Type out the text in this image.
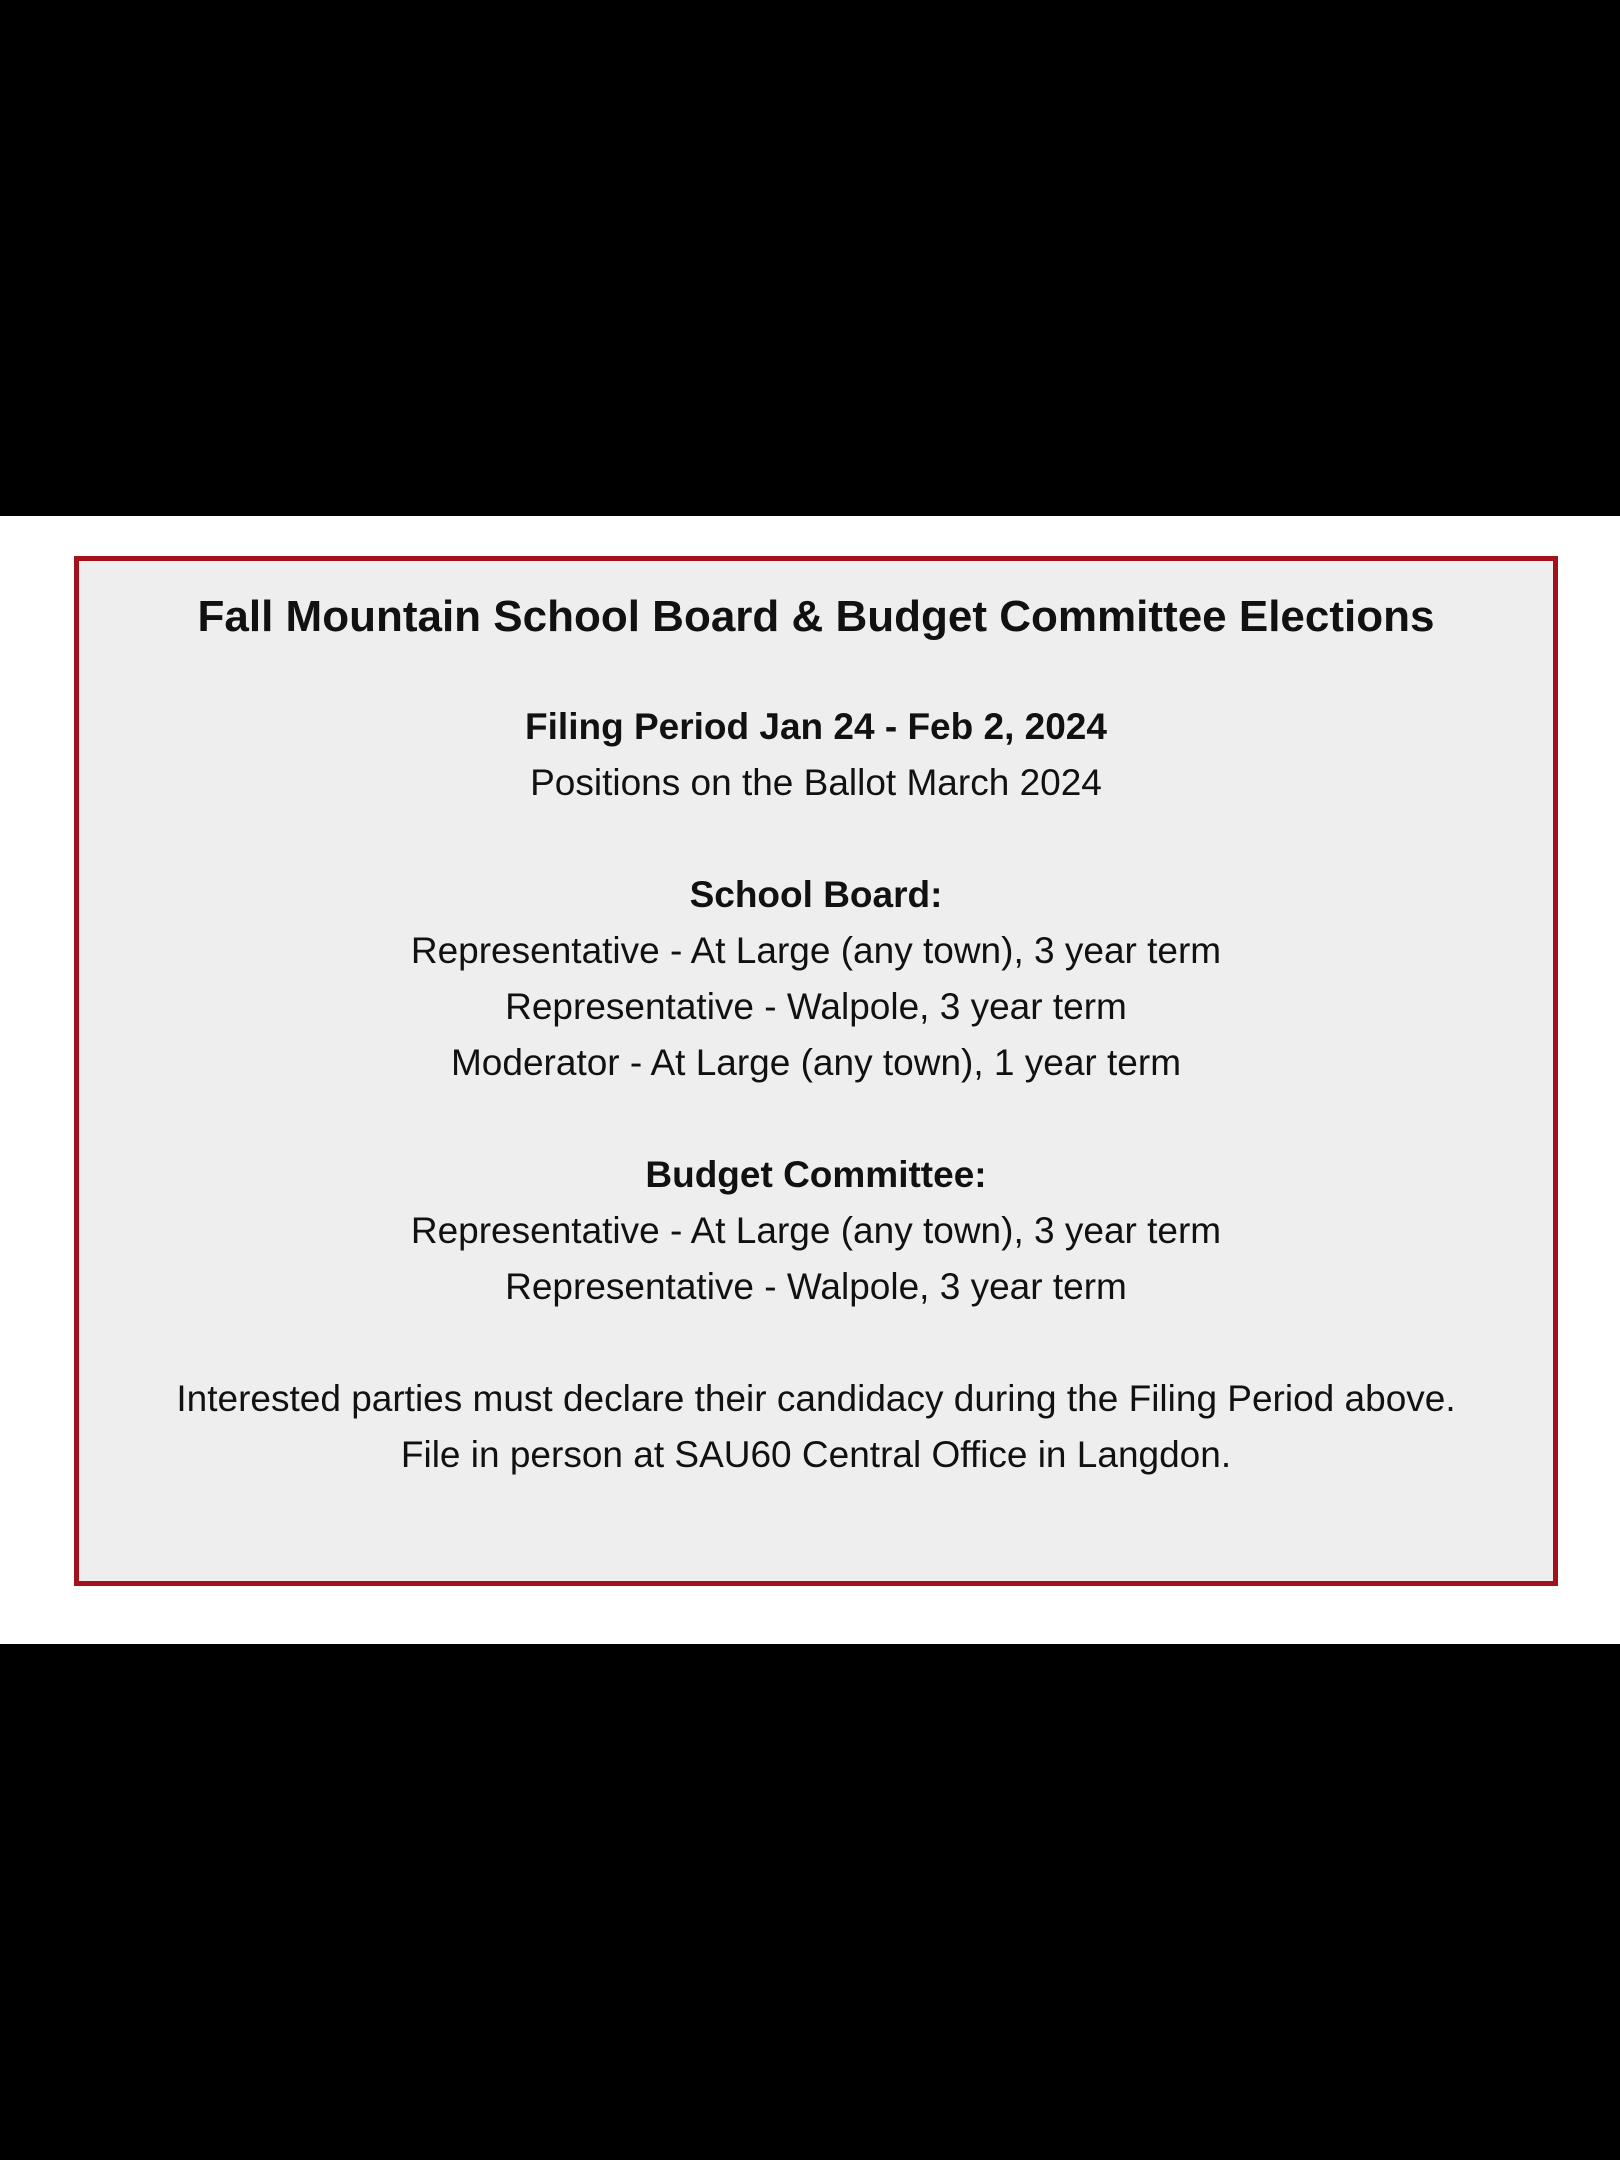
Fall Mountain School Board & Budget Committee Elections
Filing Period Jan 24 - Feb 2, 2024
Positions on the Ballot March 2024
School Board:
Representative - At Large (any town), 3 year term
Representative - Walpole, 3 year term
Moderator - At Large (any town), 1 year term
Budget Committee:
Representative - At Large (any town), 3 year term
Representative - Walpole, 3 year term
Interested parties must declare their candidacy during the Filing Period above.
File in person at SAU60 Central Office in Langdon.
